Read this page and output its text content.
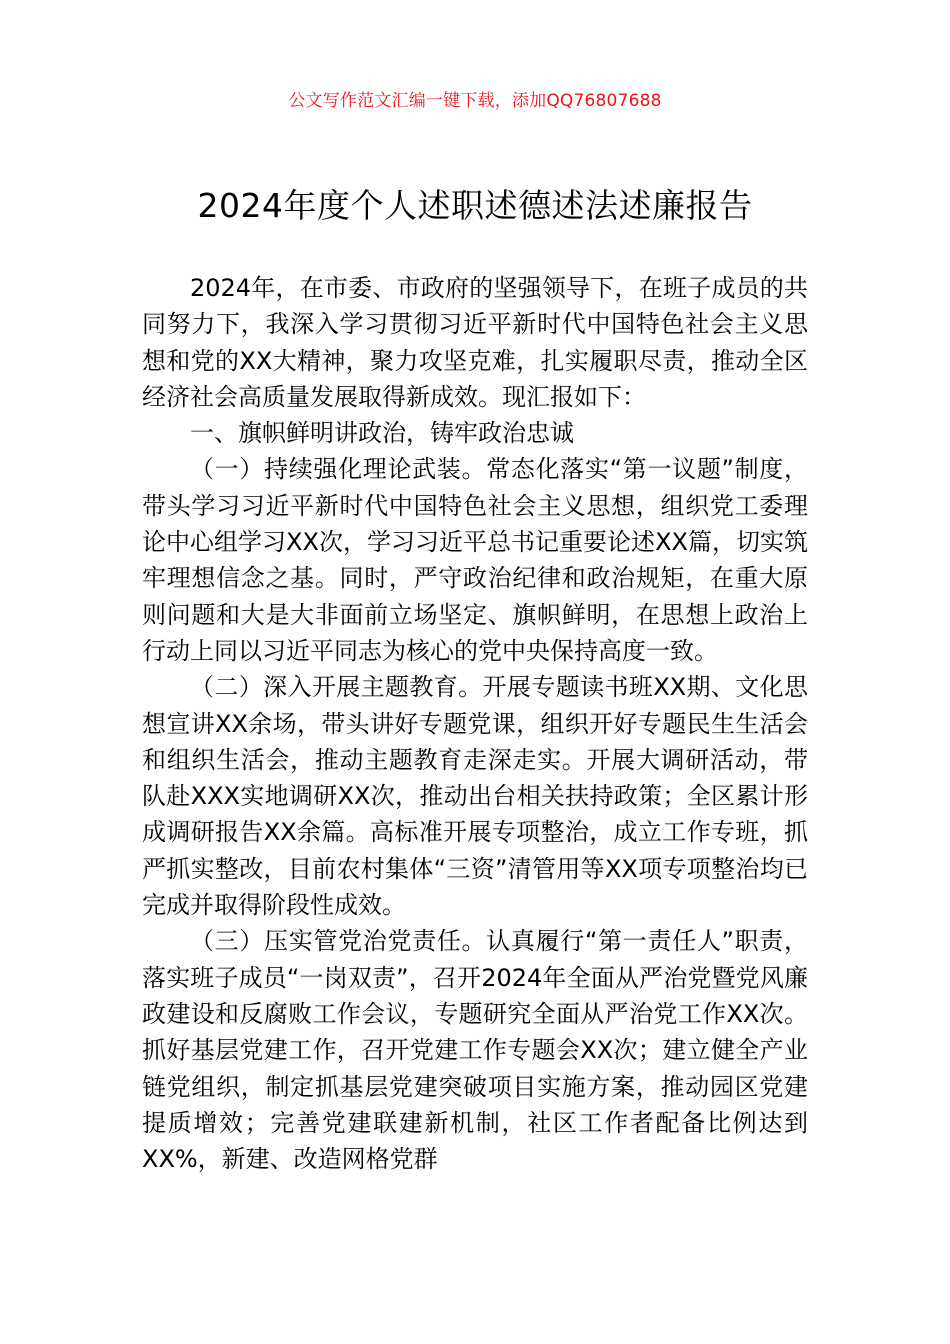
公文写作范文汇编一键下载，添加QQ76807688
2024年度个人述职述德述法述廉报告

2024年，在市委、市政府的坚强领导下，在班子成员的共同努力下，我深入学习贯彻习近平新时代中国特色社会主义思想和党的XX大精神，聚力攻坚克难，扎实履职尽责，推动全区经济社会高质量发展取得新成效。现汇报如下：

一、旗帜鲜明讲政治，铸牢政治忠诚

（一）持续强化理论武装。常态化落实“第一议题”制度，带头学习习近平新时代中国特色社会主义思想，组织党工委理论中心组学习XX次，学习习近平总书记重要论述XX篇，切实筑牢理想信念之基。同时，严守政治纪律和政治规矩，在重大原则问题和大是大非面前立场坚定、旗帜鲜明，在思想上政治上行动上同以习近平同志为核心的党中央保持高度一致。

（二）深入开展主题教育。开展专题读书班XX期、文化思想宣讲XX余场，带头讲好专题党课，组织开好专题民生生活会和组织生活会，推动主题教育走深走实。开展大调研活动，带队赴XXX实地调研XX次，推动出台相关扶持政策；全区累计形成调研报告XX余篇。高标准开展专项整治，成立工作专班，抓严抓实整改，目前农村集体“三资”清管用等XX项专项整治均已完成并取得阶段性成效。

（三）压实管党治党责任。认真履行“第一责任人”职责，落实班子成员“一岗双责”，召开2024年全面从严治党暨党风廉政建设和反腐败工作会议，专题研究全面从严治党工作XX次。抓好基层党建工作，召开党建工作专题会XX次；建立健全产业链党组织，制定抓基层党建突破项目实施方案，推动园区党建提质增效；完善党建联建新机制，社区工作者配备比例达到XX%，新建、改造网格党群
